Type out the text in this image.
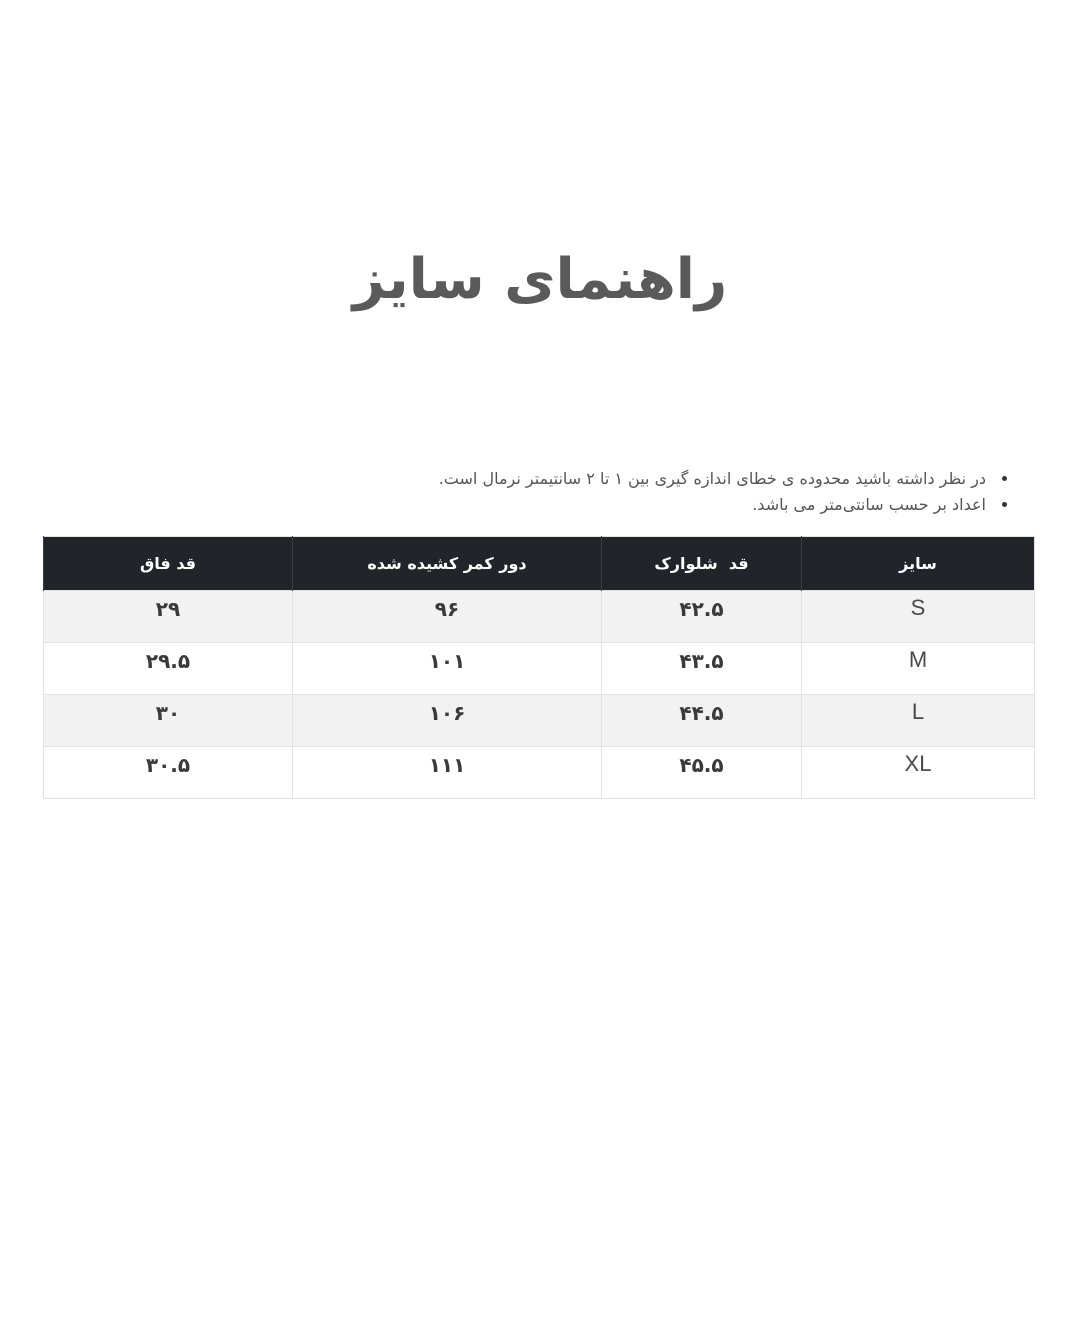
راهنمای سایز
• در نظر داشته باشید محدوده ی خطای اندازه گیری بین ۱ تا ۲ سانتیمتر نرمال است.
• اعداد بر حسب سانتی‌متر می باشد.
سایز	قد  شلوارک	دور کمر کشیده شده	قد فاق
S	۴۲.۵	۹۶	۲۹
M	۴۳.۵	۱۰۱	۲۹.۵
L	۴۴.۵	۱۰۶	۳۰
XL	۴۵.۵	۱۱۱	۳۰.۵
